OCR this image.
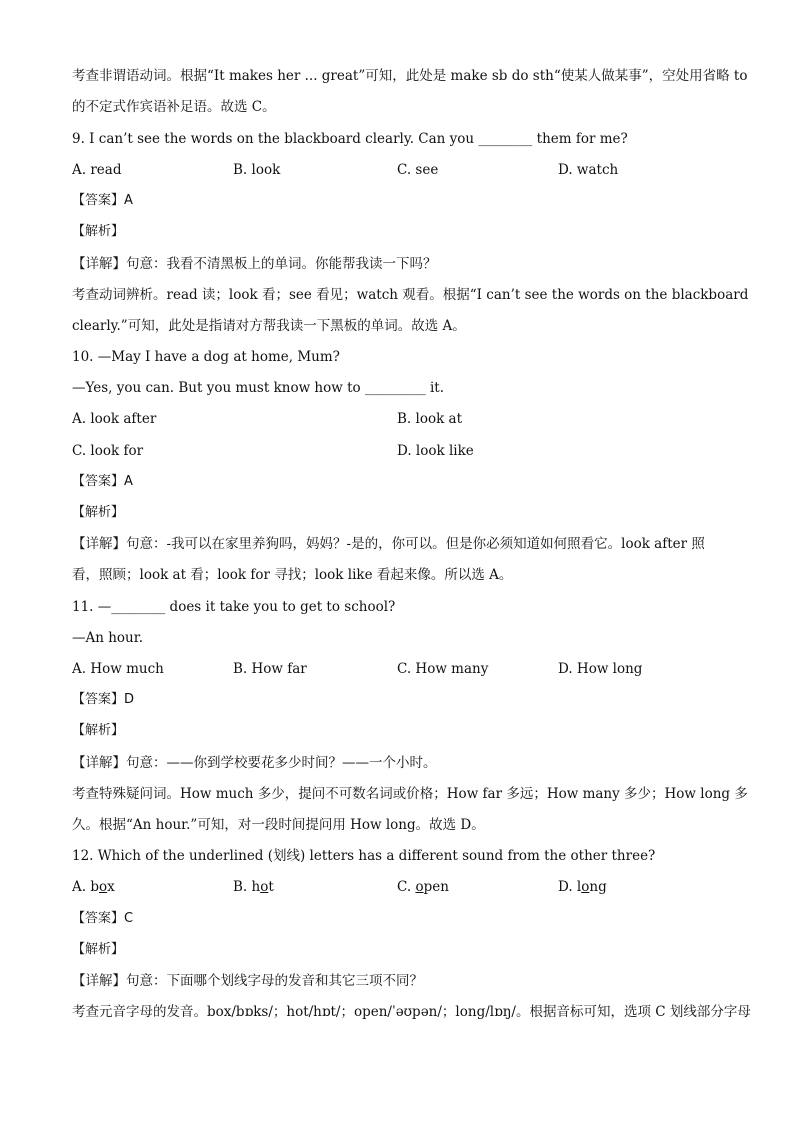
考查非谓语动词。根据“It makes her ... great”可知，此处是 make sb do sth“使某人做某事”，空处用省略 to
的不定式作宾语补足语。故选 C。
9. I can’t see the words on the blackboard clearly. Can you ________ them for me?
A. read	B. look	C. see	D. watch
【答案】A
【解析】
【详解】句意：我看不清黑板上的单词。你能帮我读一下吗？
考查动词辨析。read 读；look 看；see 看见；watch 观看。根据“I can’t see the words on the blackboard
clearly.”可知，此处是指请对方帮我读一下黑板的单词。故选 A。
10. —May I have a dog at home, Mum?
—Yes, you can. But you must know how to _________ it.
A. look after	B. look at
C. look for	D. look like
【答案】A
【解析】
【详解】句意：-我可以在家里养狗吗，妈妈？-是的，你可以。但是你必须知道如何照看它。look after 照
看，照顾；look at 看；look for 寻找；look like 看起来像。所以选 A。
11. —________ does it take you to get to school?
—An hour.
A. How much	B. How far	C. How many	D. How long
【答案】D
【解析】
【详解】句意：——你到学校要花多少时间？——一个小时。
考查特殊疑问词。How much 多少，提问不可数名词或价格；How far 多远；How many 多少；How long 多
久。根据“An hour.”可知，对一段时间提问用 How long。故选 D。
12. Which of the underlined (划线) letters has a different sound from the other three?
A. box	B. hot	C. open	D. long
【答案】C
【解析】
【详解】句意：下面哪个划线字母的发音和其它三项不同？
考查元音字母的发音。box/bɒks/；hot/hɒt/；open/ˈəʊpən/；long/lɒŋ/。根据音标可知，选项 C 划线部分字母
